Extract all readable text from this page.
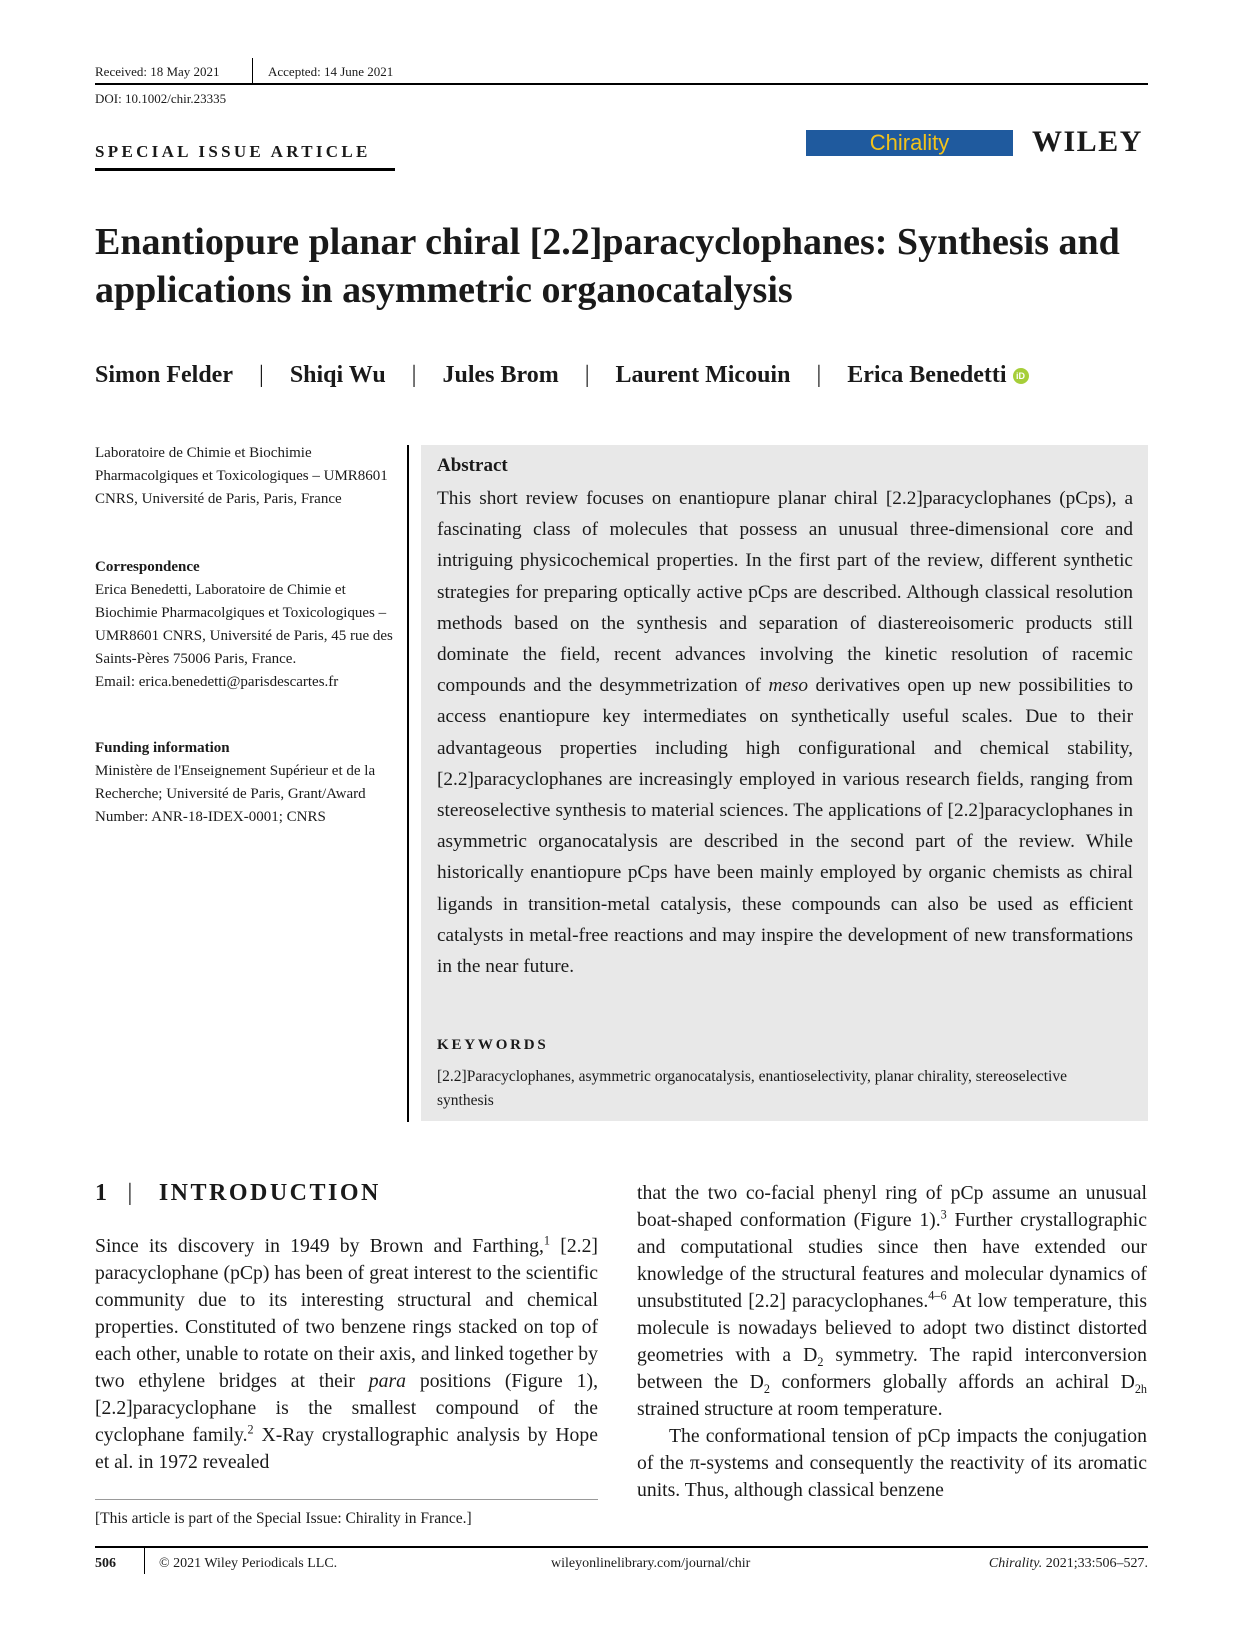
Received: 18 May 2021	Accepted: 14 June 2021
DOI: 10.1002/chir.23335
SPECIAL ISSUE ARTICLE	Chirality	WILEY
Enantiopure planar chiral [2.2]paracyclophanes: Synthesis and applications in asymmetric organocatalysis
Simon Felder | Shiqi Wu | Jules Brom | Laurent Micouin | Erica Benedetti	iD
Laboratoire de Chimie et Biochimie Pharmacolgiques et Toxicologiques – UMR8601 CNRS, Université de Paris, Paris, France
Correspondence
Erica Benedetti, Laboratoire de Chimie et Biochimie Pharmacolgiques et Toxicologiques – UMR8601 CNRS, Université de Paris, 45 rue des Saints-Pères 75006 Paris, France.
Email: erica.benedetti@parisdescartes.fr
Funding information
Ministère de l'Enseignement Supérieur et de la Recherche; Université de Paris, Grant/Award Number: ANR-18-IDEX-0001; CNRS
Abstract
This short review focuses on enantiopure planar chiral [2.2]paracyclophanes (pCps), a fascinating class of molecules that possess an unusual three-dimensional core and intriguing physicochemical properties. In the first part of the review, different synthetic strategies for preparing optically active pCps are described. Although classical resolution methods based on the synthesis and separation of diastereoisomeric products still dominate the field, recent advances involving the kinetic resolution of racemic compounds and the desymmetrization of meso derivatives open up new possibilities to access enantiopure key intermediates on synthetically useful scales. Due to their advantageous properties including high configurational and chemical stability, [2.2]paracyclophanes are increasingly employed in various research fields, ranging from stereoselective synthesis to material sciences. The applications of [2.2]paracyclophanes in asymmetric organocatalysis are described in the second part of the review. While historically enantiopure pCps have been mainly employed by organic chemists as chiral ligands in transition-metal catalysis, these compounds can also be used as efficient catalysts in metal-free reactions and may inspire the development of new transformations in the near future.
KEYWORDS
[2.2]Paracyclophanes, asymmetric organocatalysis, enantioselectivity, planar chirality, stereoselective synthesis
1 | INTRODUCTION

Since its discovery in 1949 by Brown and Farthing,$^1$ [2.2] paracyclophane (pCp) has been of great interest to the scientific community due to its interesting structural and chemical properties. Constituted of two benzene rings stacked on top of each other, unable to rotate on their axis, and linked together by two ethylene bridges at their para positions (Figure 1), [2.2]paracyclophane is the smallest compound of the cyclophane family.$^2$ X-Ray crystallographic analysis by Hope et al. in 1972 revealed

that the two co-facial phenyl ring of pCp assume an unusual boat-shaped conformation (Figure 1).$^3$ Further crystallographic and computational studies since then have extended our knowledge of the structural features and molecular dynamics of unsubstituted [2.2] paracyclophanes.$^{4-6}$ At low temperature, this molecule is nowadays believed to adopt two distinct distorted geometries with a $D_2$ symmetry. The rapid interconversion between the $D_2$ conformers globally affords an achiral $D_{2h}$ strained structure at room temperature.

The conformational tension of pCp impacts the conjugation of the π-systems and consequently the reactivity of its aromatic units. Thus, although classical benzene

[This article is part of the Special Issue: Chirality in France.]
506	© 2021 Wiley Periodicals LLC.	wileyonlinelibrary.com/journal/chir	Chirality. 2021;33:506–527.
